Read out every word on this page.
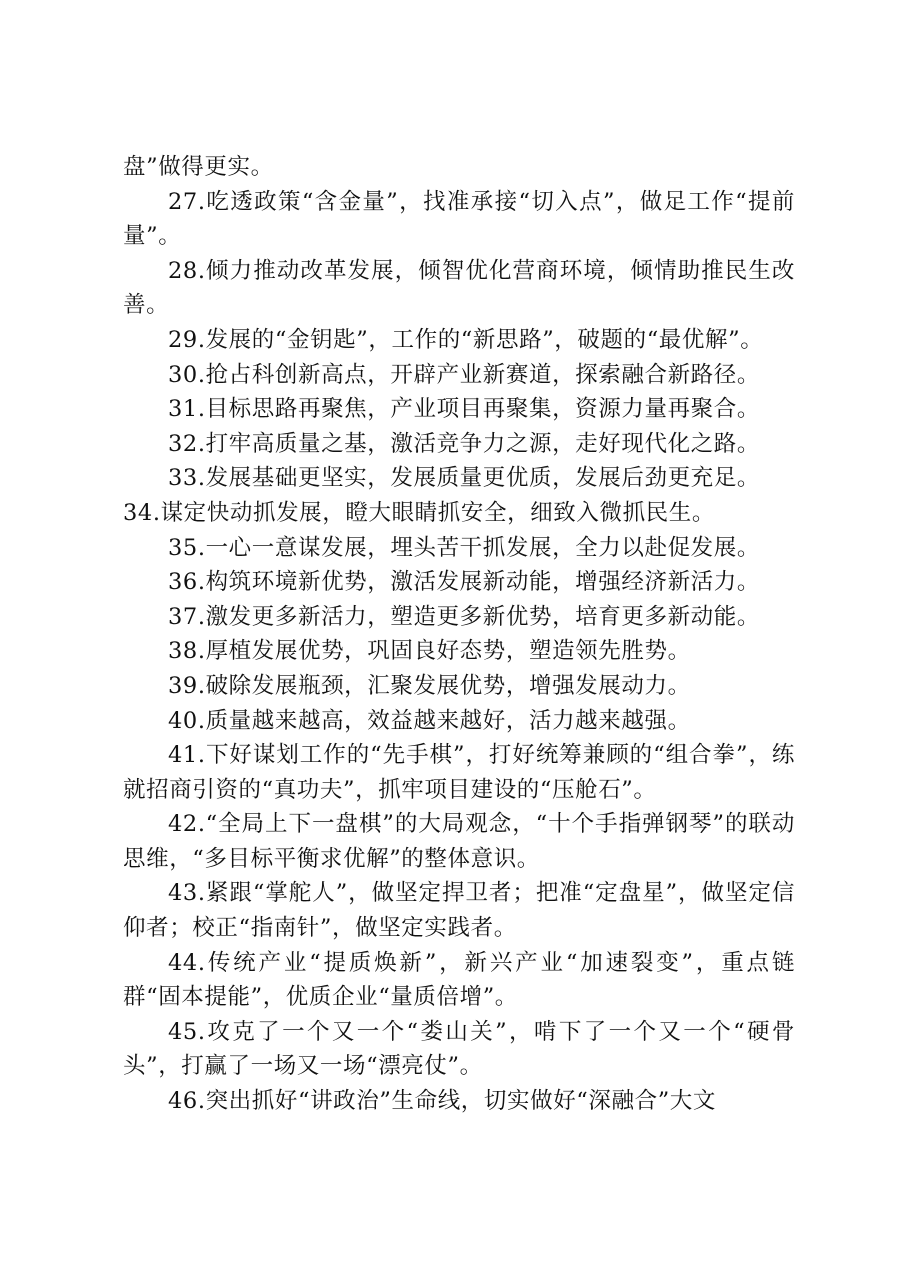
盘”做得更实。

27.吃透政策“含金量”，找准承接“切入点”，做足工作“提前量”。

28.倾力推动改革发展，倾智优化营商环境，倾情助推民生改善。

29.发展的“金钥匙”，工作的“新思路”，破题的“最优解”。

30.抢占科创新高点，开辟产业新赛道，探索融合新路径。

31.目标思路再聚焦，产业项目再聚集，资源力量再聚合。

32.打牢高质量之基，激活竞争力之源，走好现代化之路。

33.发展基础更坚实，发展质量更优质，发展后劲更充足。

34.谋定快动抓发展，瞪大眼睛抓安全，细致入微抓民生。

35.一心一意谋发展，埋头苦干抓发展，全力以赴促发展。

36.构筑环境新优势，激活发展新动能，增强经济新活力。

37.激发更多新活力，塑造更多新优势，培育更多新动能。

38.厚植发展优势，巩固良好态势，塑造领先胜势。

39.破除发展瓶颈，汇聚发展优势，增强发展动力。

40.质量越来越高，效益越来越好，活力越来越强。

41.下好谋划工作的“先手棋”，打好统筹兼顾的“组合拳”，练就招商引资的“真功夫”，抓牢项目建设的“压舱石”。

42.“全局上下一盘棋”的大局观念，“十个手指弹钢琴”的联动思维，“多目标平衡求优解”的整体意识。

43.紧跟“掌舵人”，做坚定捍卫者；把准“定盘星”，做坚定信仰者；校正“指南针”，做坚定实践者。

44.传统产业“提质焕新”，新兴产业“加速裂变”，重点链群“固本提能”，优质企业“量质倍增”。

45.攻克了一个又一个“娄山关”，啃下了一个又一个“硬骨头”，打赢了一场又一场“漂亮仗”。

46.突出抓好“讲政治”生命线，切实做好“深融合”大文
